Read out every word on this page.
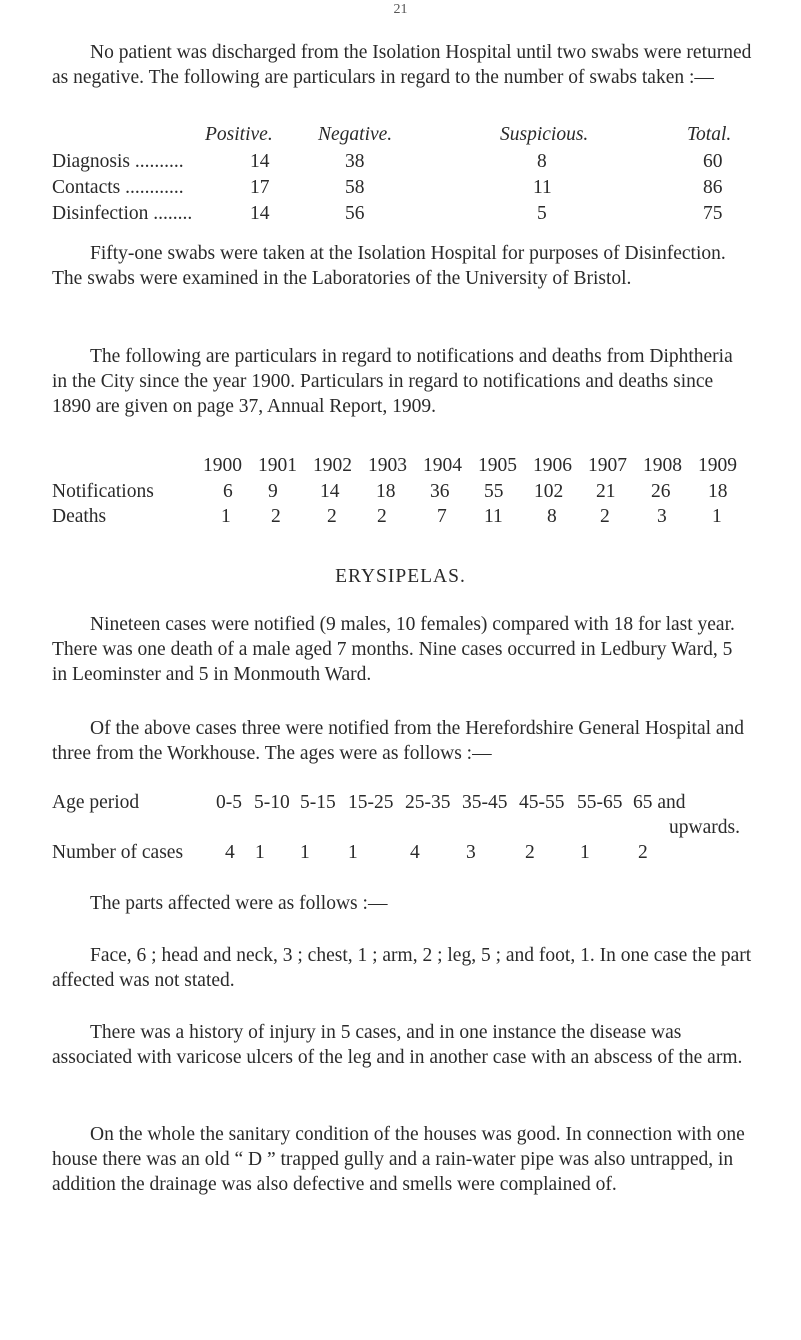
21

No patient was discharged from the Isolation Hospital until two swabs were returned as negative. The following are particulars in regard to the number of swabs taken :—

Positive. Negative.	Suspicious.	Total.
Diagnosis ..........	14	38	8	60
Contacts ............	17	58	11	86
Disinfection ........	14	56	5	75

Fifty-one swabs were taken at the Isolation Hospital for purposes of Disinfection. The swabs were examined in the Laboratories of the University of Bristol.

The following are particulars in regard to notifications and deaths from Diphtheria in the City since the year 1900. Particulars in regard to notifications and deaths since 1890 are given on page 37, Annual Report, 1909.

1900 1901 1902 1903 1904 1905 1906 1907 1908 1909
Notifications	6 9 14 18 36 55 102 21 26 18
Deaths	1 2 2 2	7 11 8 2 3 1
ERYSIPELAS.

Nineteen cases were notified (9 males, 10 females) compared with 18 for last year. There was one death of a male aged 7 months. Nine cases occurred in Ledbury Ward, 5 in Leominster and 5 in Monmouth Ward.

Of the above cases three were notified from the Herefordshire General Hospital and three from the Workhouse. The ages were as follows :—

Age period	0-5 5-10 5-15 15-25 25-35 35-45 45-55 55-65 65 and
upwards.
Number of cases 4 1 1 1	4 3	2 1 2

The parts affected were as follows :—

Face, 6 ; head and neck, 3 ; chest, 1 ; arm, 2 ; leg, 5 ; and foot, 1. In one case the part affected was not stated.

There was a history of injury in 5 cases, and in one instance the disease was associated with varicose ulcers of the leg and in another case with an abscess of the arm.

On the whole the sanitary condition of the houses was good. In connection with one house there was an old “ D ” trapped gully and a rain-water pipe was also untrapped, in addition the drainage was also defective and smells were complained of.
